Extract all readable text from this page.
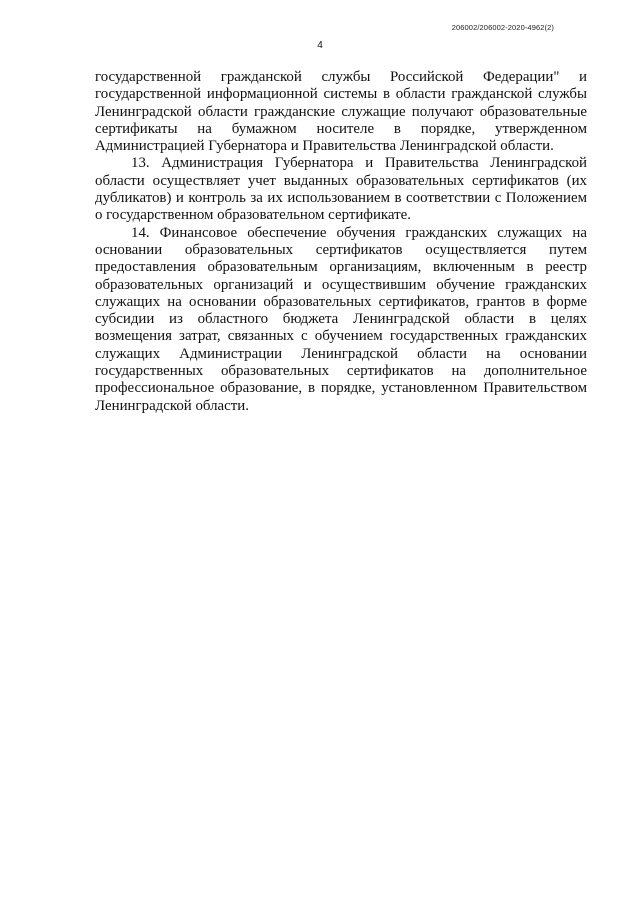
206002/206002-2020-4962(2)
4

государственной гражданской службы Российской Федерации" и государственной информационной системы в области гражданской службы Ленинградской области гражданские служащие получают образовательные сертификаты на бумажном носителе в порядке, утвержденном Администрацией Губернатора и Правительства Ленинградской области.

13. Администрация Губернатора и Правительства Ленинградской области осуществляет учет выданных образовательных сертификатов (их дубликатов) и контроль за их использованием в соответствии с Положением о государственном образовательном сертификате.

14. Финансовое обеспечение обучения гражданских служащих на основании образовательных сертификатов осуществляется путем предоставления образовательным организациям, включенным в реестр образовательных организаций и осуществившим обучение гражданских служащих на основании образовательных сертификатов, грантов в форме субсидии из областного бюджета Ленинградской области в целях возмещения затрат, связанных с обучением государственных гражданских служащих Администрации Ленинградской области на основании государственных образовательных сертификатов на дополнительное профессиональное образование, в порядке, установленном Правительством Ленинградской области.
